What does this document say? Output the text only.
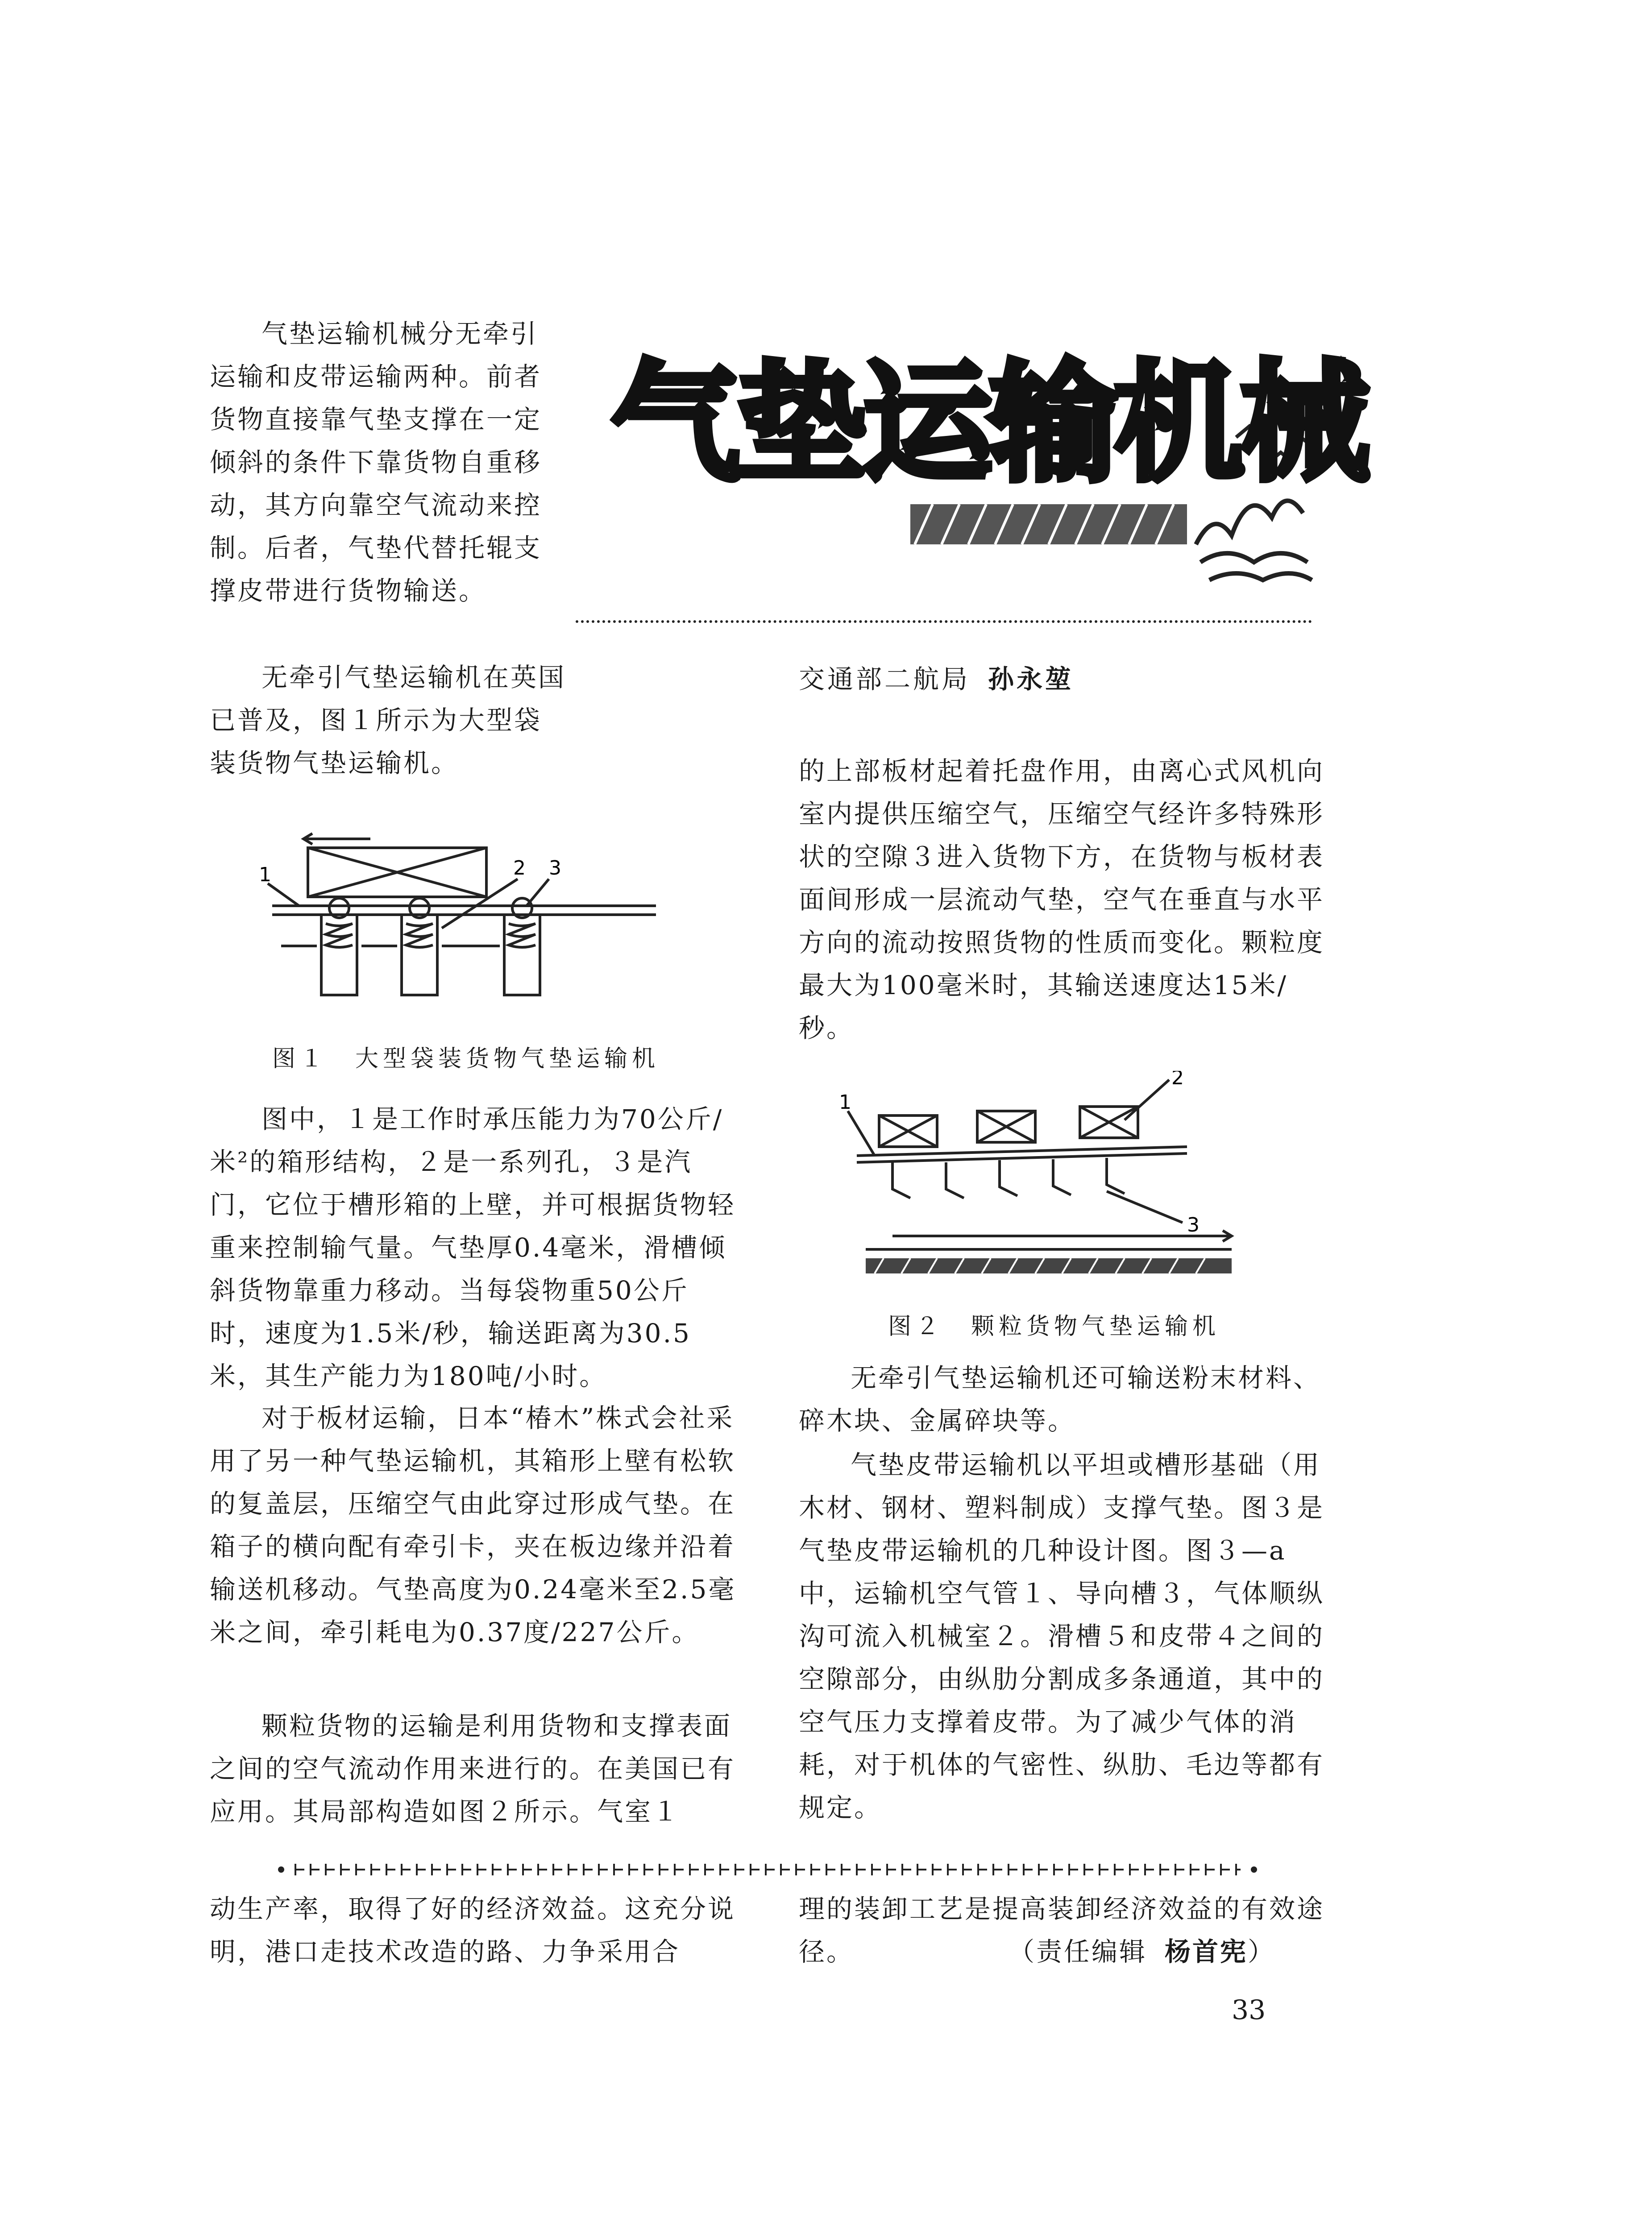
气垫运输机械
交通部二航局 孙永堃

气垫运输机械分无牵引运输和皮带运输两种。前者货物直接靠气垫支撑在一定倾斜的条件下靠货物自重移动，其方向靠空气流动来控制。后者，气垫代替托辊支撑皮带进行货物输送。

无牵引气垫运输机在英国已普及，图１所示为大型袋装货物气垫运输机。

1	2 3
图１　大型袋装货物气垫运输机

图中，１是工作时承压能力为70公斤/米²的箱形结构，２是一系列孔，３是汽门，它位于槽形箱的上壁，并可根据货物轻重来控制输气量。气垫厚0.4毫米，滑槽倾斜货物靠重力移动。当每袋物重50公斤时，速度为1.5米/秒，输送距离为30.5米，其生产能力为180吨/小时。

对于板材运输，日本“椿木”株式会社采用了另一种气垫运输机，其箱形上壁有松软的复盖层，压缩空气由此穿过形成气垫。在箱子的横向配有牵引卡，夹在板边缘并沿着输送机移动。气垫高度为0.24毫米至2.5毫米之间，牵引耗电为0.37度/227公斤。

颗粒货物的运输是利用货物和支撑表面之间的空气流动作用来进行的。在美国已有应用。其局部构造如图２所示。气室１

的上部板材起着托盘作用，由离心式风机向室内提供压缩空气，压缩空气经许多特殊形状的空隙３进入货物下方，在货物与板材表面间形成一层流动气垫，空气在垂直与水平方向的流动按照货物的性质而变化。颗粒度最大为100毫米时，其输送速度达15米/秒。

1
2
3
图２　颗粒货物气垫运输机

无牵引气垫运输机还可输送粉末材料、碎木块、金属碎块等。

气垫皮带运输机以平坦或槽形基础（用木材、钢材、塑料制成）支撑气垫。图３是气垫皮带运输机的几种设计图。图３—a中，运输机空气管１、导向槽３，气体顺纵沟可流入机械室２。滑槽５和皮带４之间的空隙部分，由纵肋分割成多条通道，其中的空气压力支撑着皮带。为了减少气体的消耗，对于机体的气密性、纵肋、毛边等都有规定。

动生产率，取得了好的经济效益。这充分说明，港口走技术改造的路、力争采用合

理的装卸工艺是提高装卸经济效益的有效途径。	（责任编辑 杨首宪）
33
